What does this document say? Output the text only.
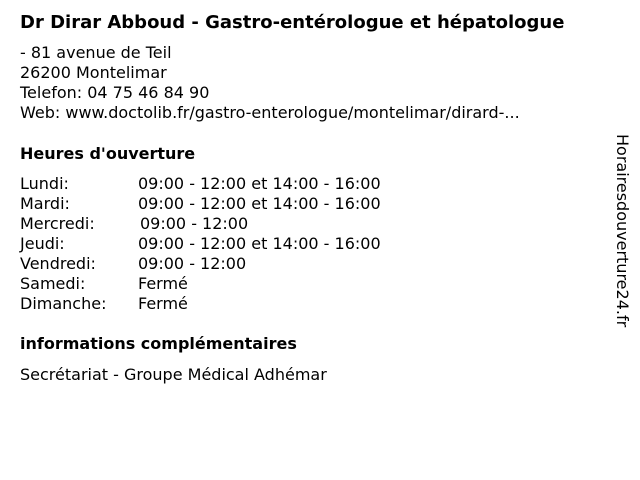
Dr Dirar Abboud - Gastro-entérologue et hépatologue
- 81 avenue de Teil
26200 Montelimar
Telefon: 04 75 46 84 90
Web: www.doctolib.fr/gastro-enterologue/montelimar/dirard-...
Heures d'ouverture
Lundi:	09:00 - 12:00 et 14:00 - 16:00
Mardi:	09:00 - 12:00 et 14:00 - 16:00
Mercredi:	09:00 - 12:00
Jeudi:	09:00 - 12:00 et 14:00 - 16:00
Vendredi:	09:00 - 12:00
Samedi:	Fermé
Dimanche: Fermé
informations complémentaires
Secrétariat - Groupe Médical Adhémar
Horairesdouverture24.fr
